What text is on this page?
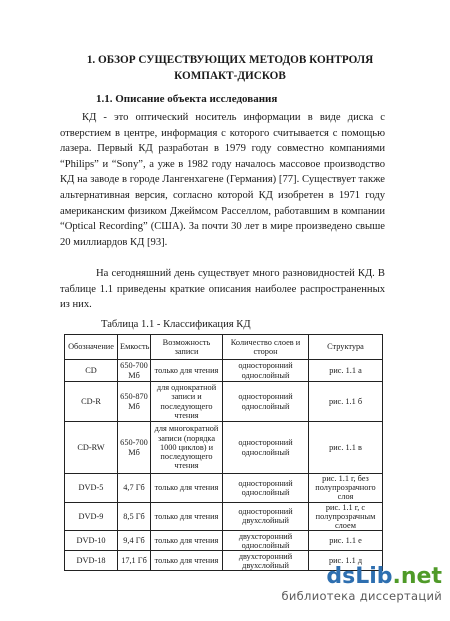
1. ОБЗОР СУЩЕСТВУЮЩИХ МЕТОДОВ КОНТРОЛЯ
КОМПАКТ-ДИСКОВ
1.1. Описание объекта исследования

КД - это оптический носитель информации в виде диска с отверстием в центре, информация с которого считывается с помощью лазера. Первый КД разработан в 1979 году совместно компаниями “Philips” и “Sony”, а уже в 1982 году началось массовое производство КД на заводе в городе Лангенхагене (Германия) [77]. Существует также альтернативная версия, согласно которой КД изобретен в 1971 году американским физиком Джеймсом Расселлом, работавшим в компании “Optical Recording” (США). За почти 30 лет в мире произведено свыше 20 миллиардов КД [93].

На сегодняшний день существует много разновидностей КД. В таблице 1.1 приведены краткие описания наиболее распространенных из них.

Таблица 1.1 - Классификация КД
Обозначение	Емкость	Возможность записи	Количество слоев и сторон	Структура
CD	650-700 Мб	только для чтения	односторонний однослойный	рис. 1.1 а
CD-R	650-870 Мб	для однократной записи и последующего чтения	односторонний однослойный	рис. 1.1 б
CD-RW	650-700 Мб	для многократной записи (порядка 1000 циклов) и последующего чтения	односторонний однослойный	рис. 1.1 в
DVD-5	4,7 Гб	только для чтения	односторонний однослойный	рис. 1.1 г, без полупрозрачного слоя
DVD-9	8,5 Гб	только для чтения	односторонний двухслойный	рис. 1.1 г, с полупрозрачным слоем
DVD-10	9,4 Гб	только для чтения	двухсторонний однослойный	рис. 1.1 е
DVD-18	17,1 Гб	только для чтения	двухсторонний двухслойный	рис. 1.1 д
dsLib.net
библиотека диссертаций
